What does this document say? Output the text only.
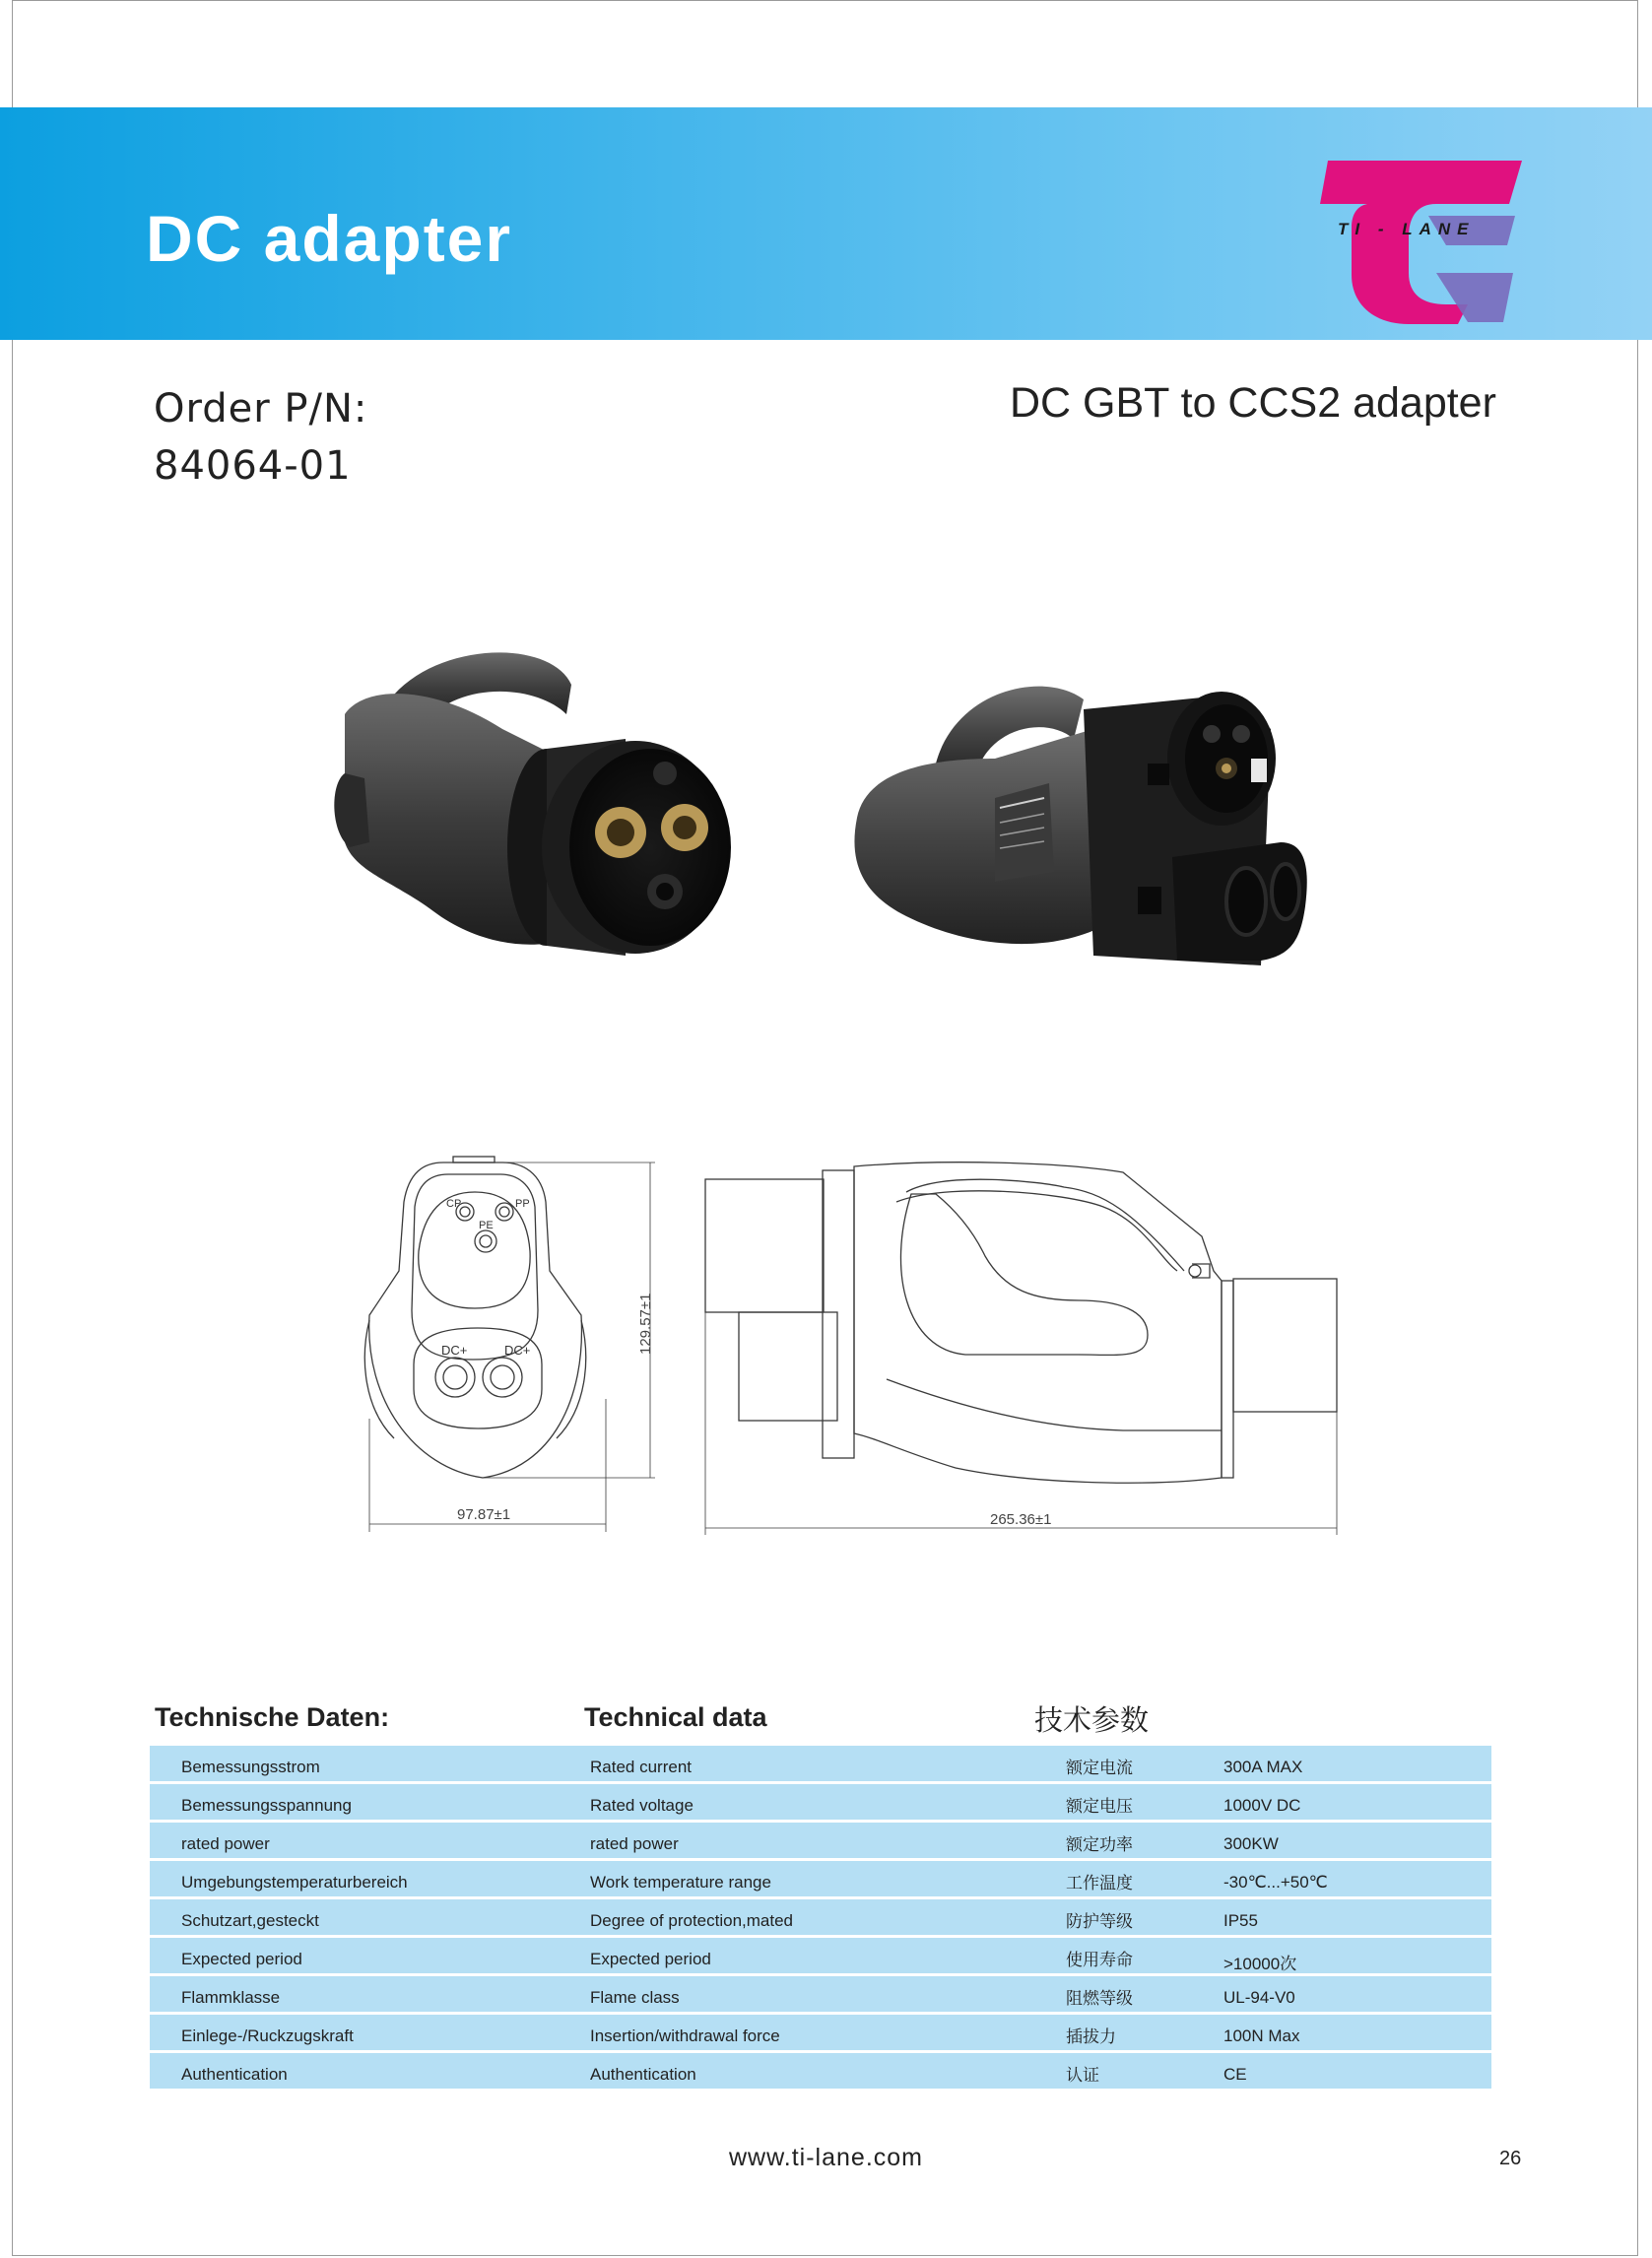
DC adapter	TI - LANE

Order P/N:

84064-01

DC GBT to CCS2 adapter

CP	PP
PE
DC+	DC+	129.57±1
97.87±1	265.36±1
Technische Daten:	Technical data	技术参数
Bemessungsstrom	Rated current	额定电流	300A MAX
Bemessungsspannung	Rated voltage	额定电压	1000V DC
rated power	rated power	额定功率	300KW
Umgebungstemperaturbereich	Work temperature range	工作温度	-30℃...+50℃
Schutzart,gesteckt	Degree of protection,mated	防护等级	IP55
Expected period	Expected period	使用寿命	>10000次
Flammklasse	Flame class	阻燃等级	UL-94-V0
Einlege-/Ruckzugskraft	Insertion/withdrawal force	插拔力	100N Max
Authentication	Authentication	认证	CE
www.ti-lane.com	26
